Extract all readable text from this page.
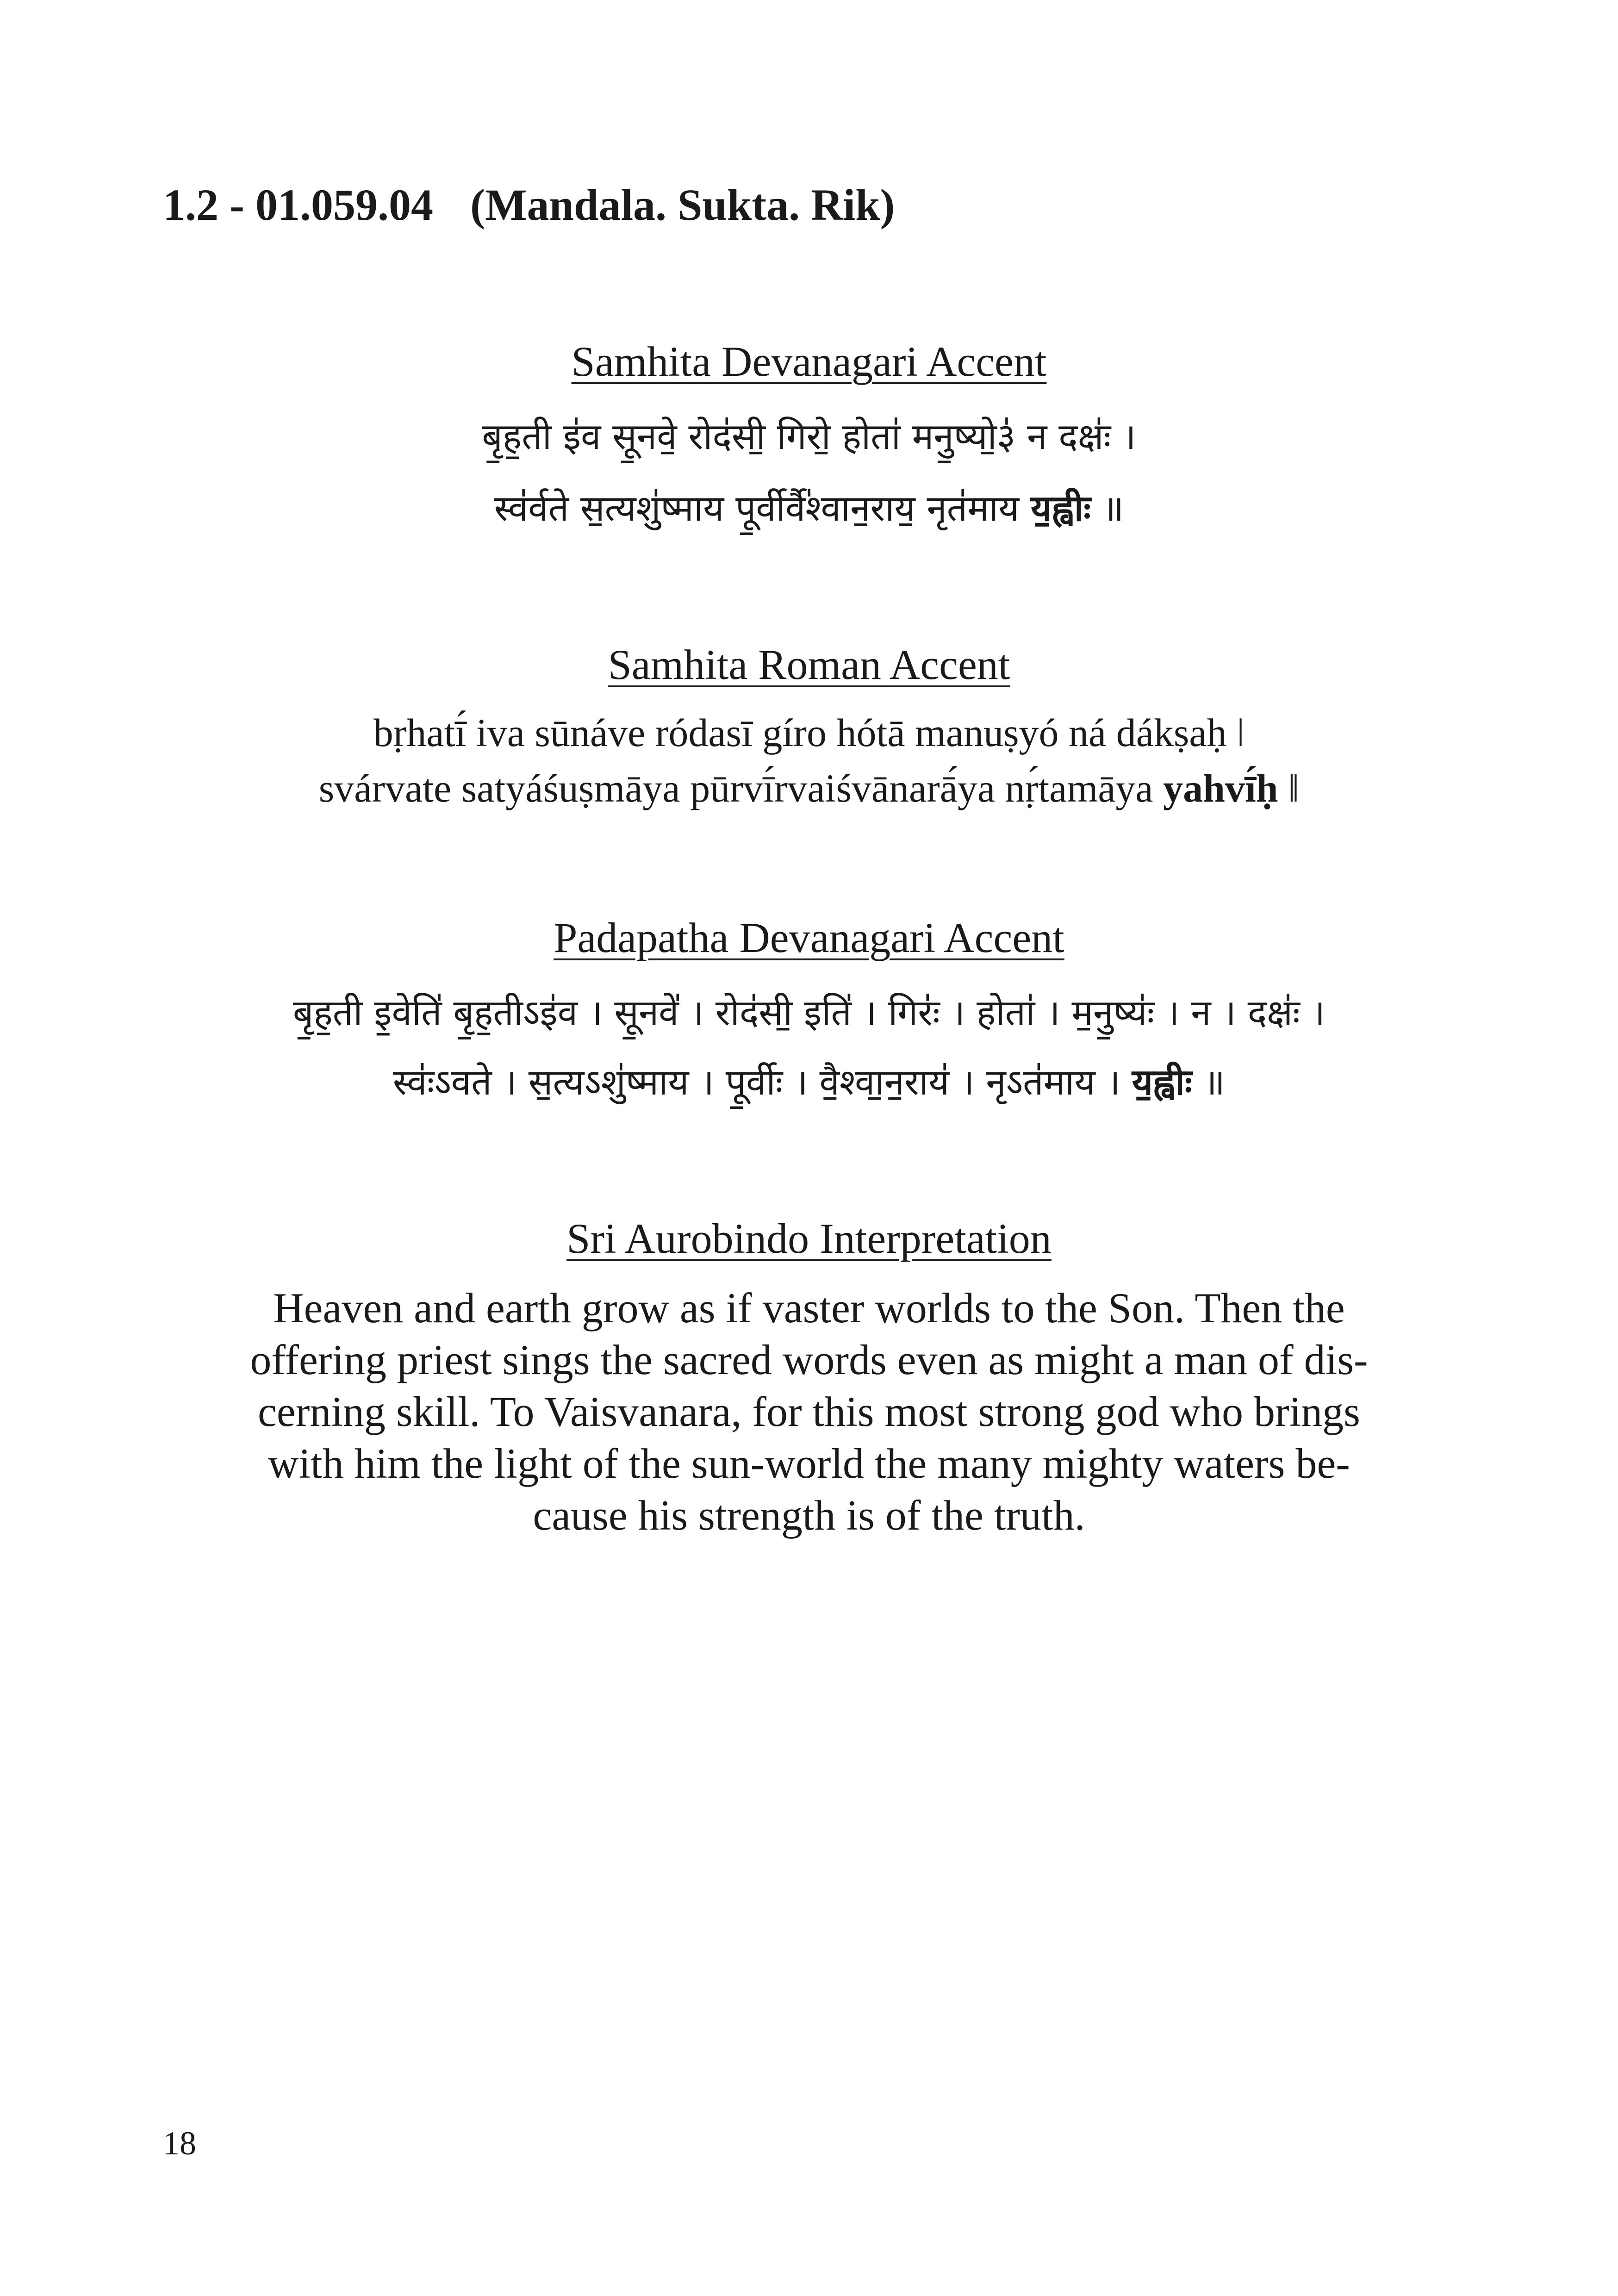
1.2 - 01.059.04 (Mandala. Sukta. Rik)
Samhita Devanagari Accent
बृ॒ह॒ती इ॑व सू॒नवे॒ रोद॑सी॒ गिरो॒ होता॑ मनु॒ष्यो॒३॑ न दक्षः॑ ।
स्व॑र्वते स॒त्यशु॑ष्माय पू॒र्वीर्वै॑श्वान॒राय॒ नृत॑माय य॒ह्वीः ॥
Samhita Roman Accent
bṛhatī́ iva sūnáve ródasī gíro hótā manuṣyó ná dákṣaḥ ǀ
svárvate satyáśuṣmāya pūrvī́rvaiśvānarā́ya nṛ́tamāya yahvī́ḥ ǁ
Padapatha Devanagari Accent
बृ॒ह॒ती इ॒वेति॑ बृ॒ह॒तीऽइ॑व । सू॒नवे॑ । रोद॑सी॒ इति॑ । गिरः॑ । होता॑ । म॒नु॒ष्यः॑ । न । दक्षः॑ ।
स्वः॑ऽवते । स॒त्यऽशु॑ष्माय । पू॒र्वीः । वै॒श्वा॒न॒राय॑ । नृऽत॑माय । य॒ह्वीः ॥
Sri Aurobindo Interpretation
Heaven and earth grow as if vaster worlds to the Son. Then the
offering priest sings the sacred words even as might a man of dis-
cerning skill. To Vaisvanara, for this most strong god who brings
with him the light of the sun-world the many mighty waters be-
cause his strength is of the truth.
18
